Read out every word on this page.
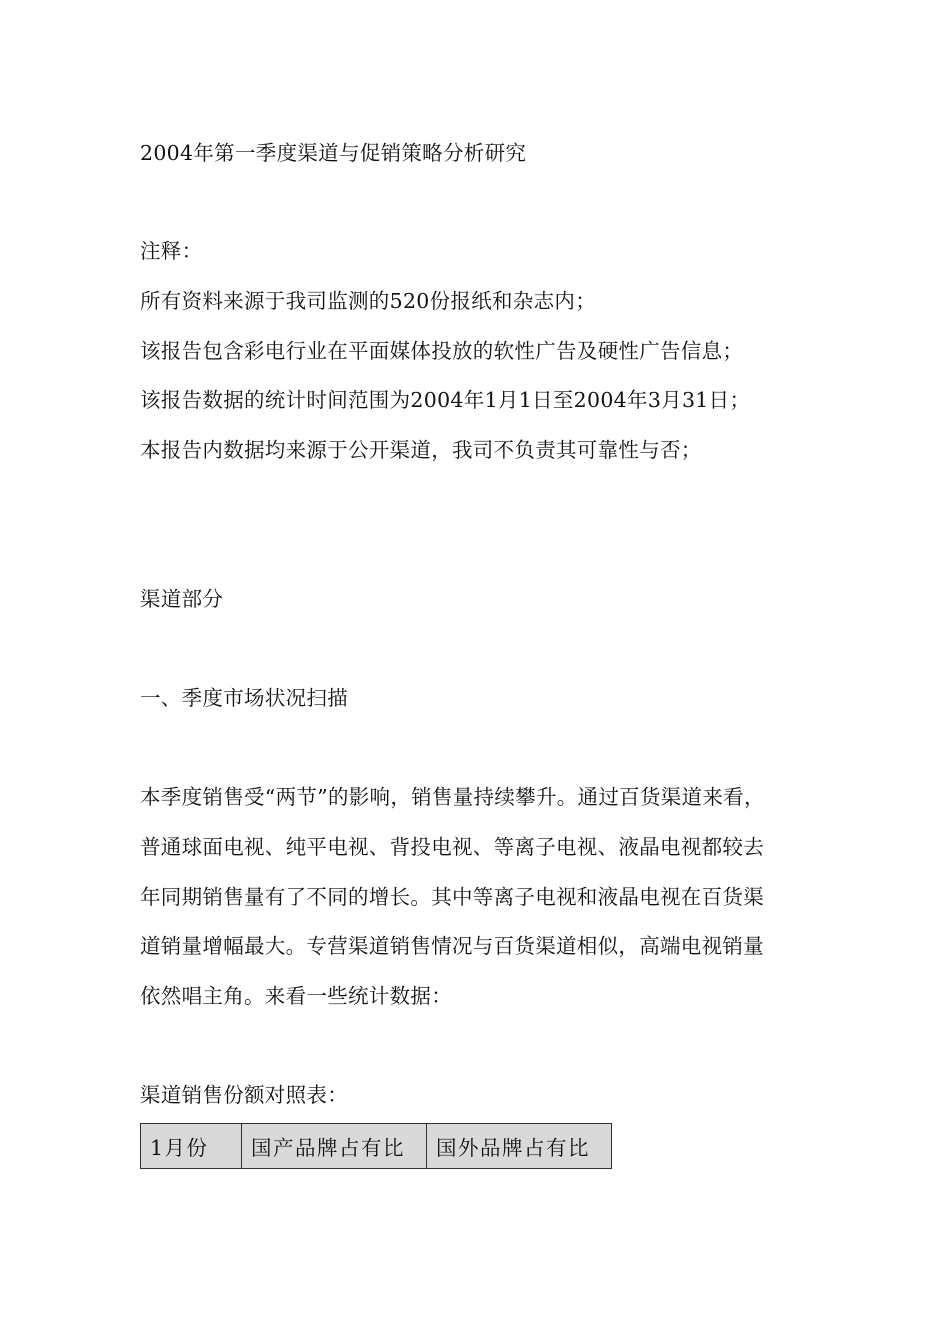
2004年第一季度渠道与促销策略分析研究
注释：
所有资料来源于我司监测的520份报纸和杂志内；
该报告包含彩电行业在平面媒体投放的软性广告及硬性广告信息；
该报告数据的统计时间范围为2004年1月1日至2004年3月31日；
本报告内数据均来源于公开渠道，我司不负责其可靠性与否；
渠道部分
一、季度市场状况扫描
本季度销售受“两节”的影响，销售量持续攀升。通过百货渠道来看，
普通球面电视、纯平电视、背投电视、等离子电视、液晶电视都较去
年同期销售量有了不同的增长。其中等离子电视和液晶电视在百货渠
道销量增幅最大。专营渠道销售情况与百货渠道相似，高端电视销量
依然唱主角。来看一些统计数据：
渠道销售份额对照表：
1月份	国产品牌占有比	国外品牌占有比
